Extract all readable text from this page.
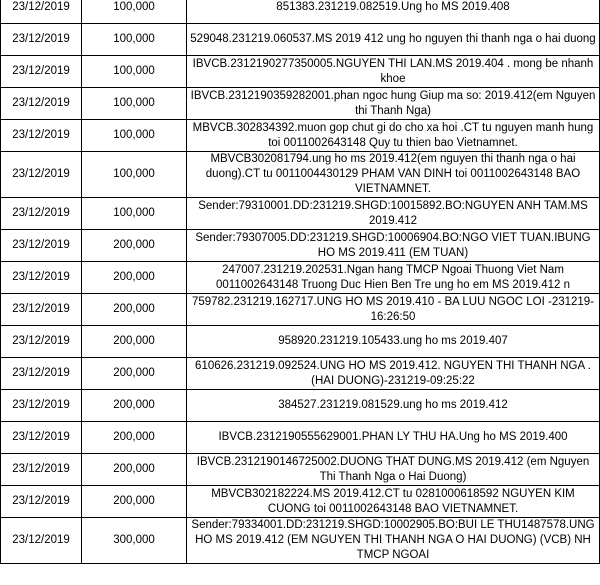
23/12/2019	100,000	851383.231219.082519.Ung ho MS 2019.408
23/12/2019	100,000	529048.231219.060537.MS 2019 412 ung ho nguyen thi thanh nga o hai duong
23/12/2019	100,000	IBVCB.2312190277350005.NGUYEN THI LAN.MS 2019.404 . mong be nhanh khoe
23/12/2019	100,000	IBVCB.2312190359282001.phan ngoc hung Giup ma so: 2019.412(em Nguyen thi Thanh Nga)
23/12/2019	100,000	MBVCB.302834392.muon gop chut gi do cho xa hoi .CT tu nguyen manh hung toi 0011002643148 Quy tu thien bao Vietnamnet.
23/12/2019	100,000	MBVCB302081794.ung ho ms 2019.412(em nguyen thi thanh nga o hai duong).CT tu 0011004430129 PHAM VAN DINH toi 0011002643148 BAO VIETNAMNET.
23/12/2019	100,000	Sender:79310001.DD:231219.SHGD:10015892.BO:NGUYEN ANH TAM.MS 2019.412
23/12/2019	200,000	Sender:79307005.DD:231219.SHGD:10006904.BO:NGO VIET TUAN.IBUNG HO MS 2019.411 (EM TUAN)
23/12/2019	200,000	247007.231219.202531.Ngan hang TMCP Ngoai Thuong Viet Nam 0011002643148 Truong Duc Hien Ben Tre ung ho em MS 2019.412 n
23/12/2019	200,000	759782.231219.162717.UNG HO MS 2019.410 - BA LUU NGOC LOI -231219-16:26:50
23/12/2019	200,000	958920.231219.105433.ung ho ms 2019.407
23/12/2019	200,000	610626.231219.092524.UNG HO MS 2019.412. NGUYEN THI THANH NGA . (HAI DUONG)-231219-09:25:22
23/12/2019	200,000	384527.231219.081529.ung ho ms 2019.412
23/12/2019	200,000	IBVCB.2312190555629001.PHAN LY THU HA.Ung ho MS 2019.400
23/12/2019	200,000	IBVCB.2312190146725002.DUONG THAT DUNG.MS 2019.412 (em Nguyen Thi Thanh Nga o Hai Duong)
23/12/2019	200,000	MBVCB302182224.MS 2019.412.CT tu 0281000618592 NGUYEN KIM CUONG toi 0011002643148 BAO VIETNAMNET.
23/12/2019	300,000	Sender:79334001.DD:231219.SHGD:10002905.BO:BUI LE THU1487578.UNG HO MS 2019.412 (EM NGUYEN THI THANH NGA O HAI DUONG) (VCB) NH TMCP NGOAI
